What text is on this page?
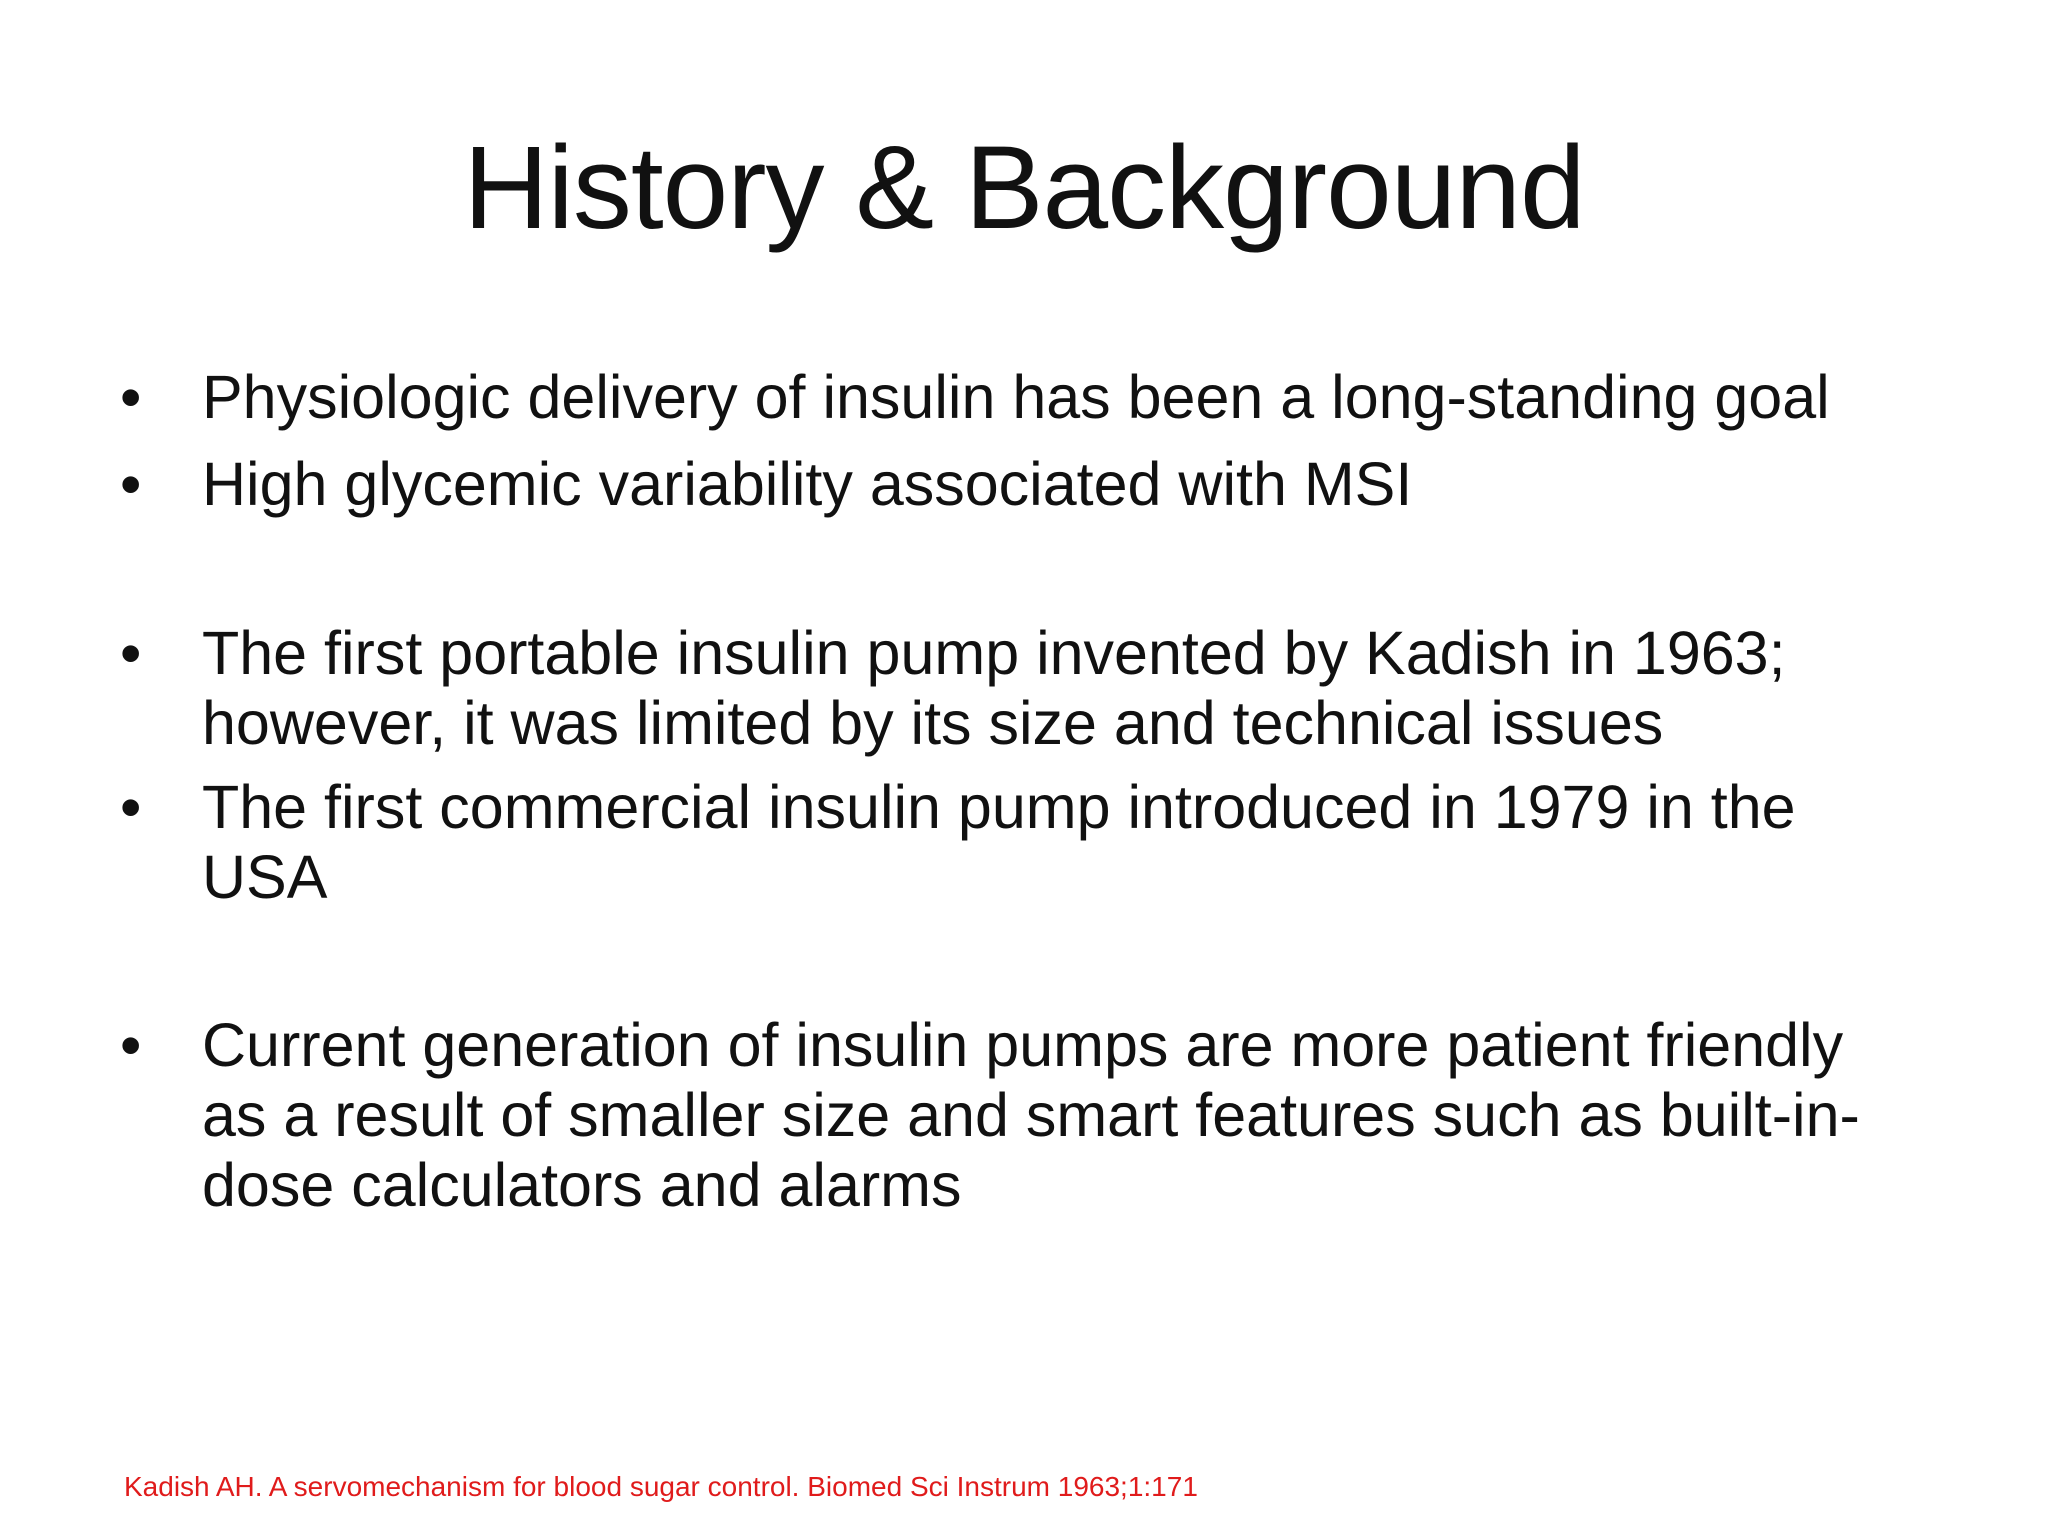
History & Background
• Physiologic delivery of insulin has been a long-standing goal
• High glycemic variability associated with MSI
• The first portable insulin pump invented by Kadish in 1963; however, it was limited by its size and technical issues
• The first commercial insulin pump introduced in 1979 in the USA
• Current generation of insulin pumps are more patient friendly as a result of smaller size and smart features such as built-in-dose calculators and alarms
Kadish AH. A servomechanism for blood sugar control. Biomed Sci Instrum 1963;1:171
